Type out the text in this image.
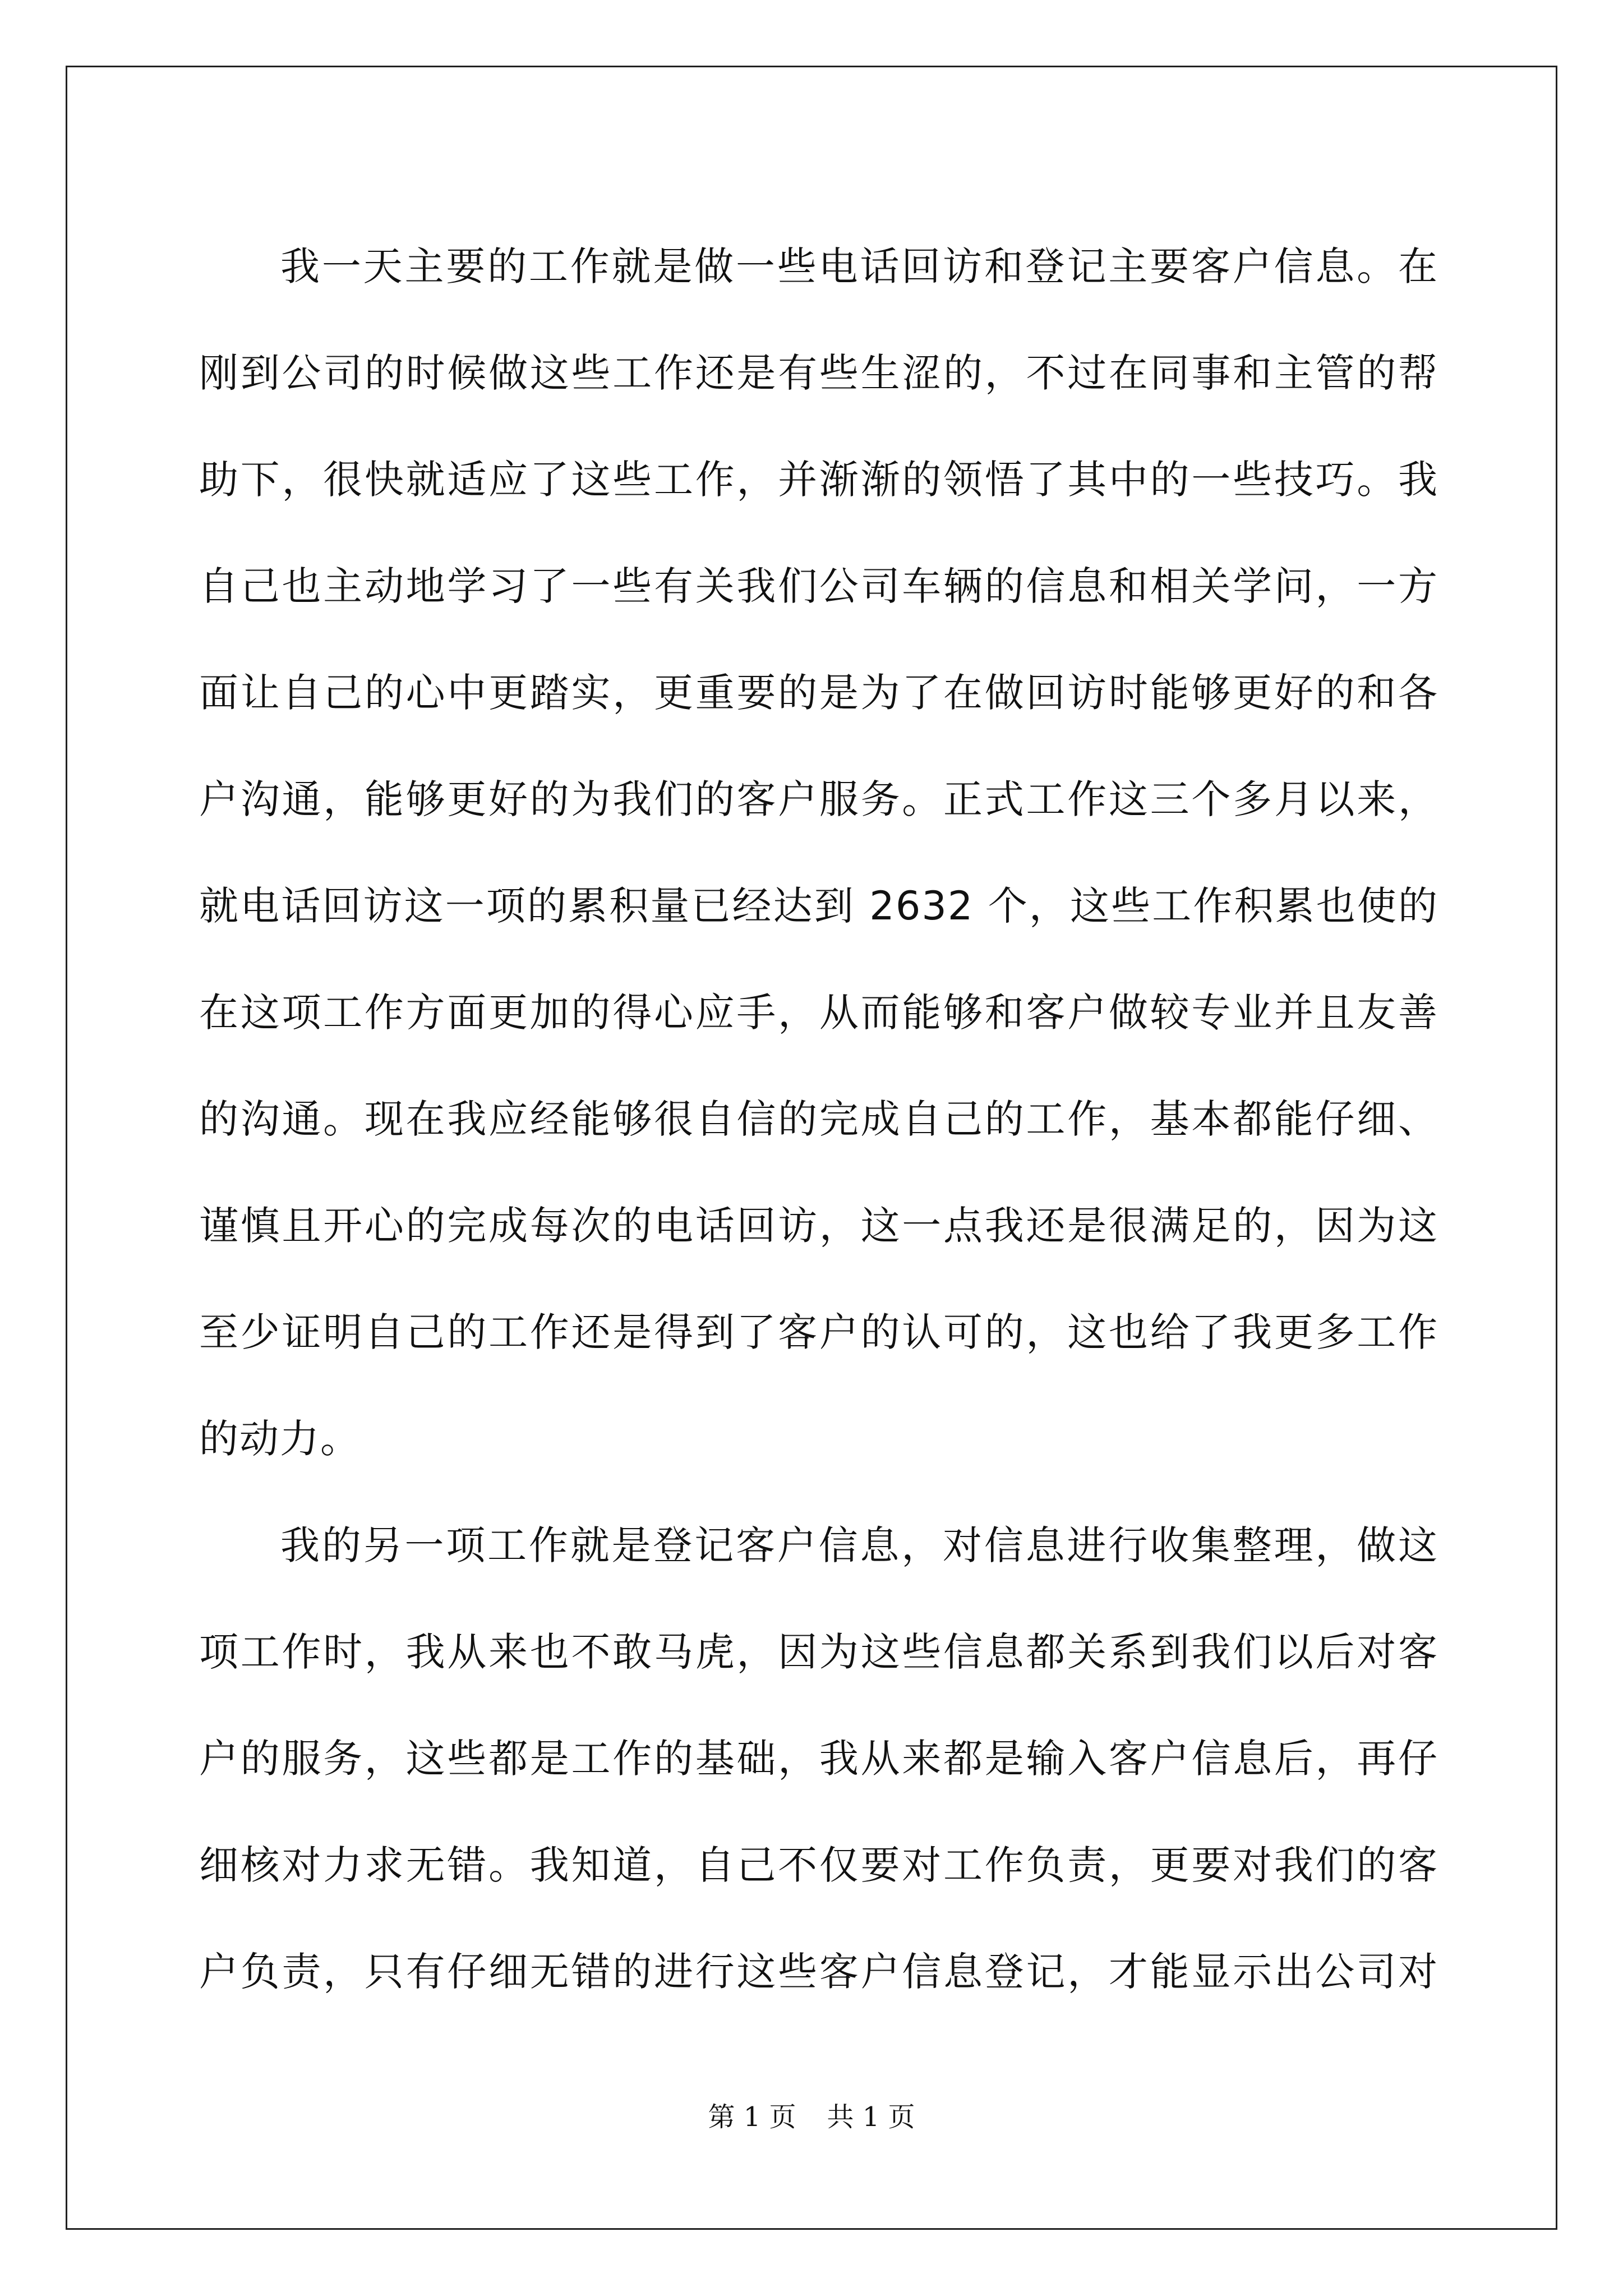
我一天主要的工作就是做一些电话回访和登记主要客户信息。在
刚到公司的时候做这些工作还是有些生涩的，不过在同事和主管的帮
助下，很快就适应了这些工作，并渐渐的领悟了其中的一些技巧。我
自己也主动地学习了一些有关我们公司车辆的信息和相关学问，一方
面让自己的心中更踏实，更重要的是为了在做回访时能够更好的和各
户沟通，能够更好的为我们的客户服务。正式工作这三个多月以来，
就电话回访这一项的累积量已经达到 2632 个，这些工作积累也使的
在这项工作方面更加的得心应手，从而能够和客户做较专业并且友善
的沟通。现在我应经能够很自信的完成自己的工作，基本都能仔细、
谨慎且开心的完成每次的电话回访，这一点我还是很满足的，因为这
至少证明自己的工作还是得到了客户的认可的，这也给了我更多工作
的动力。
我的另一项工作就是登记客户信息，对信息进行收集整理，做这
项工作时，我从来也不敢马虎，因为这些信息都关系到我们以后对客
户的服务，这些都是工作的基础，我从来都是输入客户信息后，再仔
细核对力求无错。我知道，自己不仅要对工作负责，更要对我们的客
户负责，只有仔细无错的进行这些客户信息登记，才能显示出公司对
第 1 页 共 1 页
